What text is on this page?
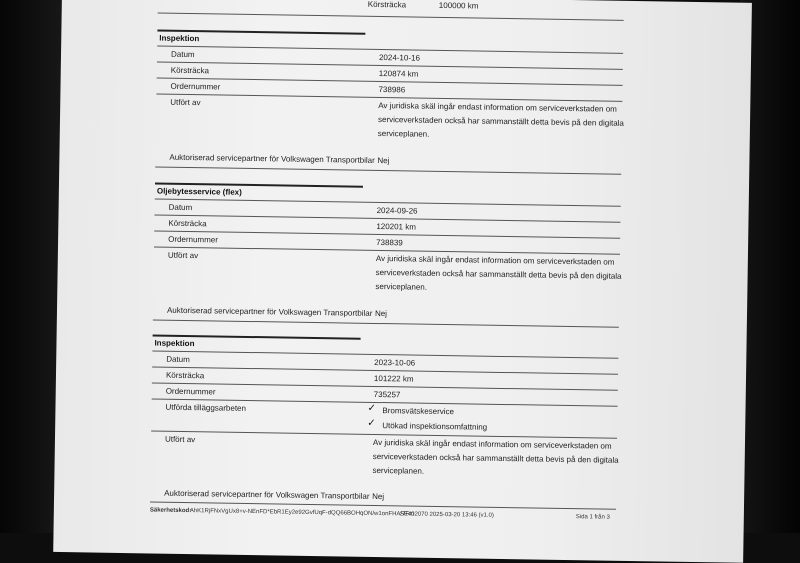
Körsträcka	100000 km
Inspektion
Datum	2024-10-16
Körsträcka	120874 km
Ordernummer	738986
Utfört av	Av juridiska skäl ingår endast information om serviceverkstaden om
serviceverkstaden också har sammanställt detta bevis på den digitala
serviceplanen.
Auktoriserad servicepartner för Volkswagen Transportbilar Nej
Oljebytesservice (flex)
Datum	2024-09-26
Körsträcka	120201 km
Ordernummer	738839
Utfört av	Av juridiska skäl ingår endast information om serviceverkstaden om
serviceverkstaden också har sammanställt detta bevis på den digitala
serviceplanen.
Auktoriserad servicepartner för Volkswagen Transportbilar Nej
Inspektion
Datum	2023-10-06
Körsträcka	101222 km
Ordernummer	735257
Utförda tilläggsarbeten	✓ Bromsvätskeservice
✓ Utökad inspektionsomfattning
Utfört av	Av juridiska skäl ingår endast information om serviceverkstaden om
serviceverkstaden också har sammanställt detta bevis på den digitala
serviceplanen.
Auktoriserad servicepartner för Volkswagen Transportbilar Nej
Säkerhetskod:
AhK1RjFNxVgUx8+v-NEnFD*EbR1Ey2e92GvfUqF-dQQ66BOHqON/w1onFHA/7Fm
SE402070 2025-03-20 13:46 (v1.0)	Sida 1 från 3
